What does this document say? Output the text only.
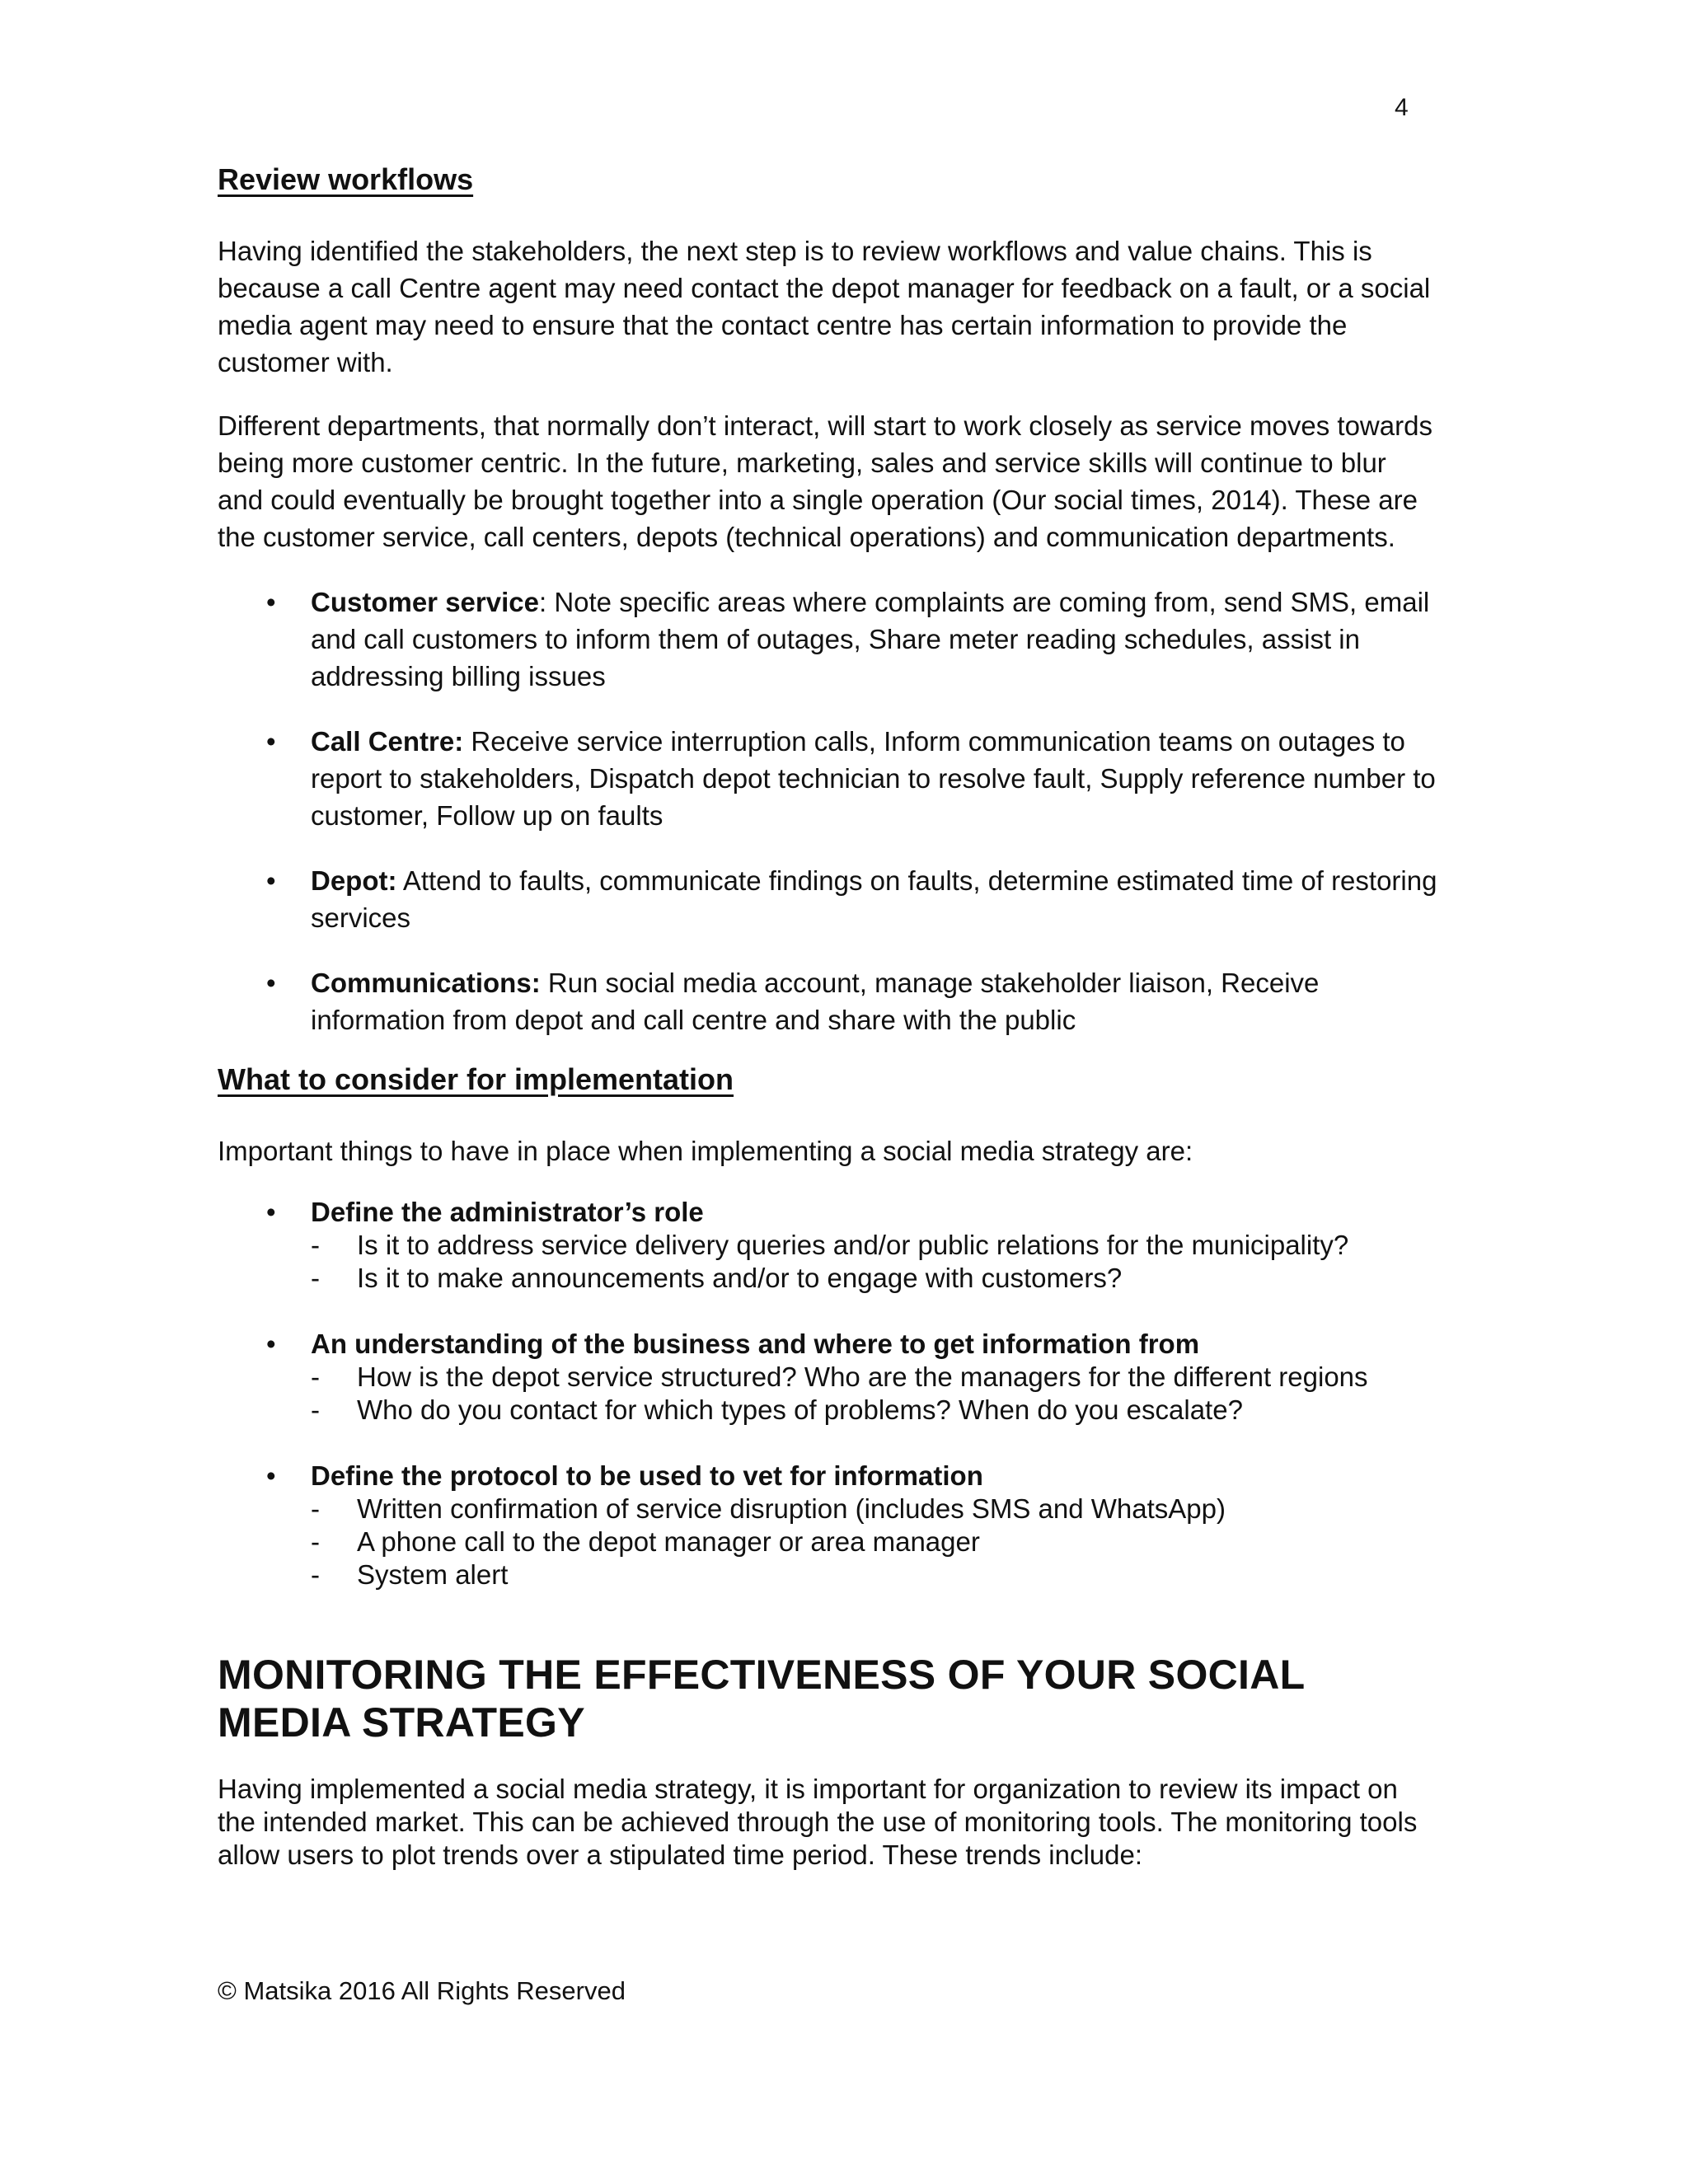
4
Review workflows

Having identified the stakeholders, the next step is to review workflows and value chains. This is because a call Centre agent may need contact the depot manager for feedback on a fault, or a social media agent may need to ensure that the contact centre has certain information to provide the customer with.

Different departments, that normally don’t interact, will start to work closely as service moves towards being more customer centric. In the future, marketing, sales and service skills will continue to blur and could eventually be brought together into a single operation (Our social times, 2014). These are the customer service, call centers, depots (technical operations) and communication departments.

• Customer service: Note specific areas where complaints are coming from, send SMS, email and call customers to inform them of outages, Share meter reading schedules, assist in addressing billing issues
• Call Centre: Receive service interruption calls, Inform communication teams on outages to report to stakeholders, Dispatch depot technician to resolve fault, Supply reference number to customer, Follow up on faults
• Depot: Attend to faults, communicate findings on faults, determine estimated time of restoring services
• Communications: Run social media account, manage stakeholder liaison, Receive information from depot and call centre and share with the public
What to consider for implementation

Important things to have in place when implementing a social media strategy are:

• Define the administrator’s role
- Is it to address service delivery queries and/or public relations for the municipality?
- Is it to make announcements and/or to engage with customers?
• An understanding of the business and where to get information from
- How is the depot service structured? Who are the managers for the different regions
- Who do you contact for which types of problems? When do you escalate?
• Define the protocol to be used to vet for information
- Written confirmation of service disruption (includes SMS and WhatsApp)
- A phone call to the depot manager or area manager
- System alert
MONITORING THE EFFECTIVENESS OF YOUR SOCIAL
MEDIA STRATEGY

Having implemented a social media strategy, it is important for organization to review its impact on the intended market. This can be achieved through the use of monitoring tools. The monitoring tools allow users to plot trends over a stipulated time period. These trends include:

© Matsika 2016 All Rights Reserved
